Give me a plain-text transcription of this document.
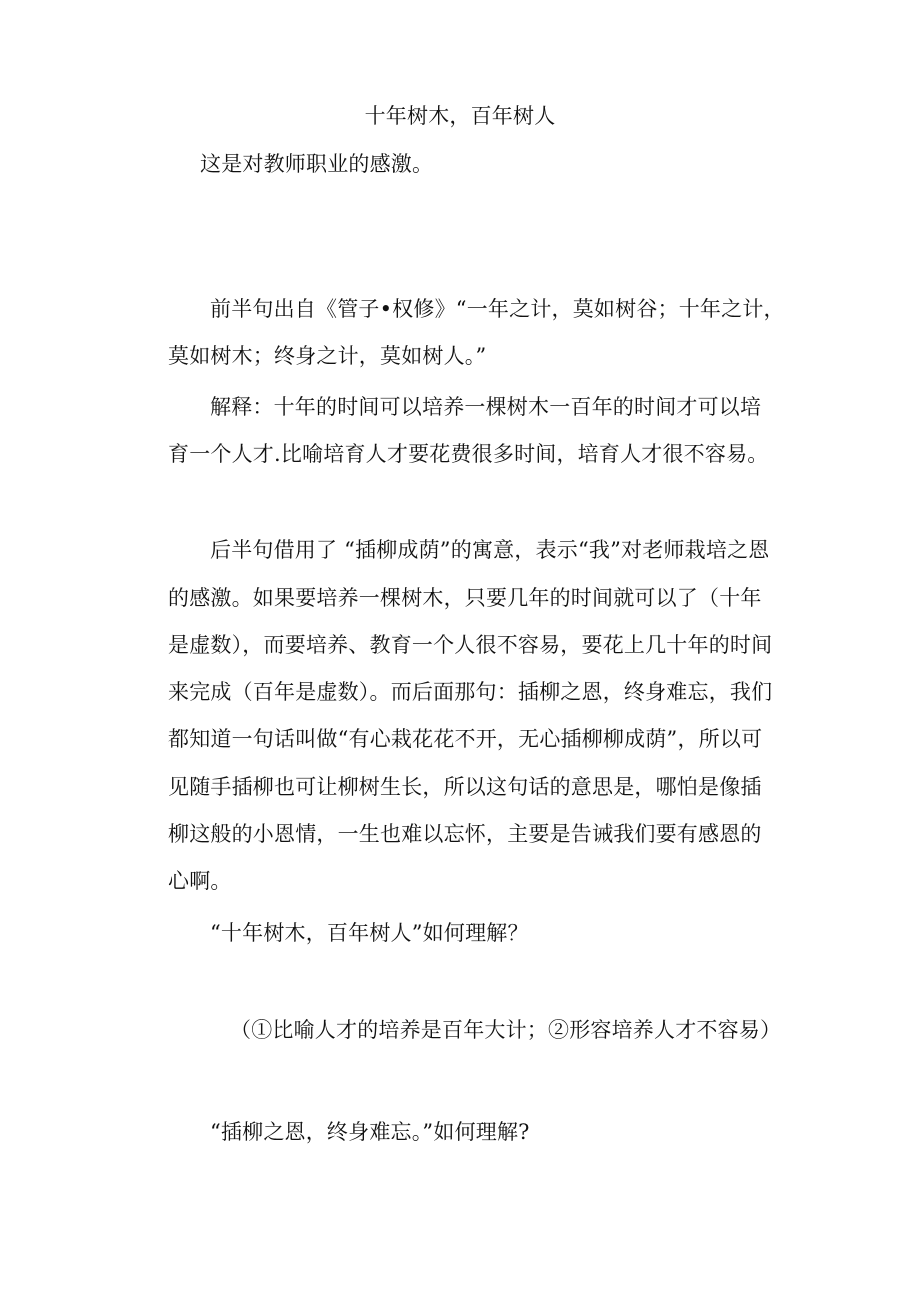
十年树木，百年树人
这是对教师职业的感激。
前半句出自《管子•权修》“一年之计，莫如树谷；十年之计，
莫如树木；终身之计，莫如树人。”
解释：十年的时间可以培养一棵树木一百年的时间才可以培
育一个人才.比喻培育人才要花费很多时间，培育人才很不容易。
后半句借用了 “插柳成荫”的寓意，表示“我”对老师栽培之恩
的感激。如果要培养一棵树木，只要几年的时间就可以了（十年
是虚数），而要培养、教育一个人很不容易，要花上几十年的时间
来完成（百年是虚数）。而后面那句：插柳之恩，终身难忘，我们
都知道一句话叫做“有心栽花花不开，无心插柳柳成荫”，所以可
见随手插柳也可让柳树生长，所以这句话的意思是，哪怕是像插
柳这般的小恩情，一生也难以忘怀，主要是告诫我们要有感恩的
心啊。
“十年树木，百年树人”如何理解？
（①比喻人才的培养是百年大计；②形容培养人才不容易）
“插柳之恩，终身难忘。”如何理解?
